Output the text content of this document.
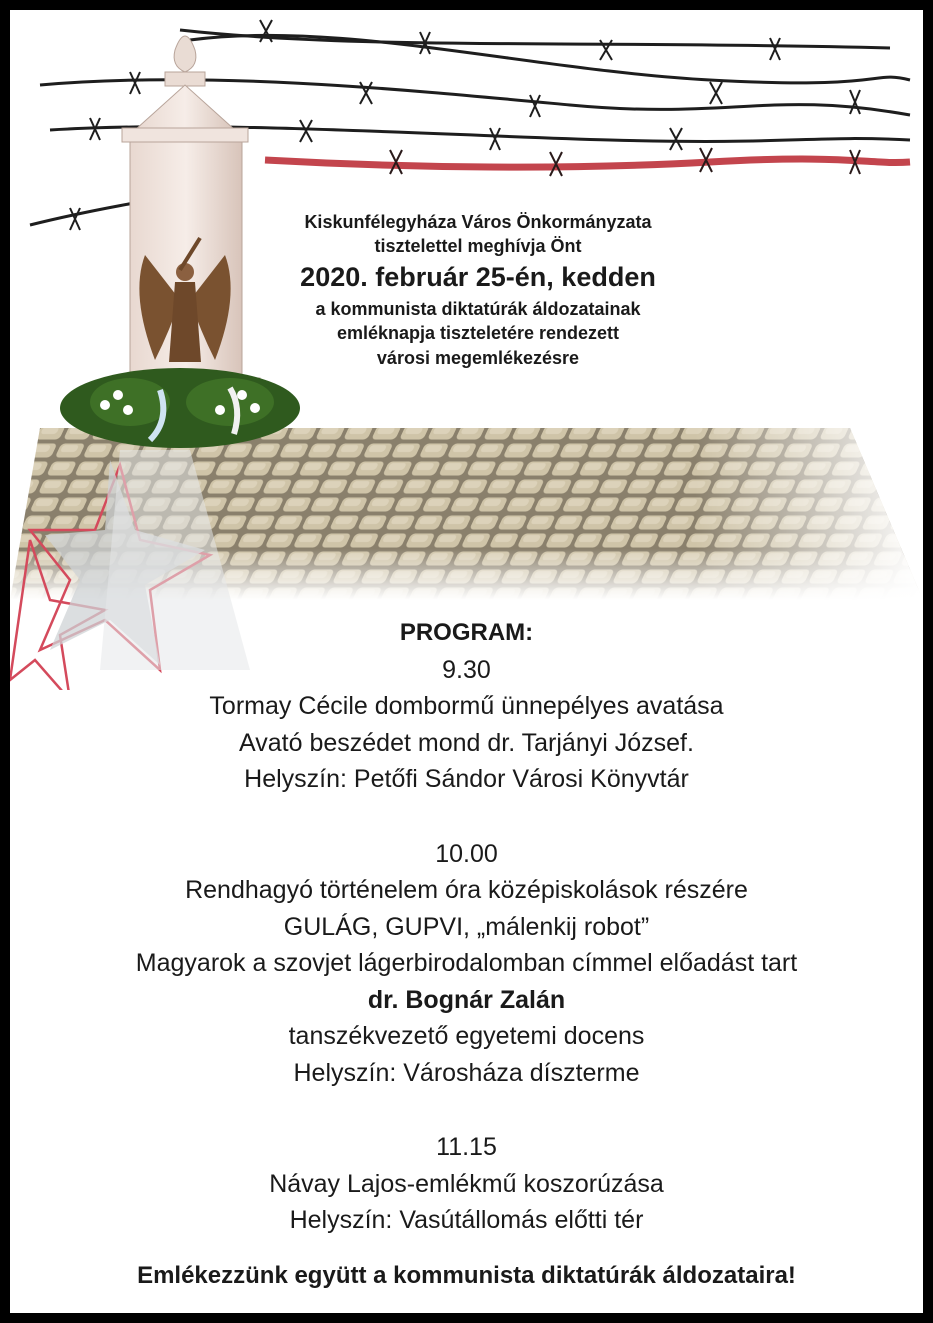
Kiskunfélegyháza Város Önkormányzata
tisztelettel meghívja Önt
2020. február 25-én, kedden
a kommunista diktatúrák áldozatainak
emléknapja tiszteletére rendezett
városi megemlékezésre
PROGRAM:
9.30
Tormay Cécile dombormű ünnepélyes avatása
Avató beszédet mond dr. Tarjányi József.
Helyszín: Petőfi Sándor Városi Könyvtár
10.00
Rendhagyó történelem óra középiskolások részére
GULÁG, GUPVI, „málenkij robot”
Magyarok a szovjet lágerbirodalomban címmel előadást tart
dr. Bognár Zalán
tanszékvezető egyetemi docens
Helyszín: Városháza díszterme
11.15
Návay Lajos-emlékmű koszorúzása
Helyszín: Vasútállomás előtti tér
Emlékezzünk együtt a kommunista diktatúrák áldozataira!
